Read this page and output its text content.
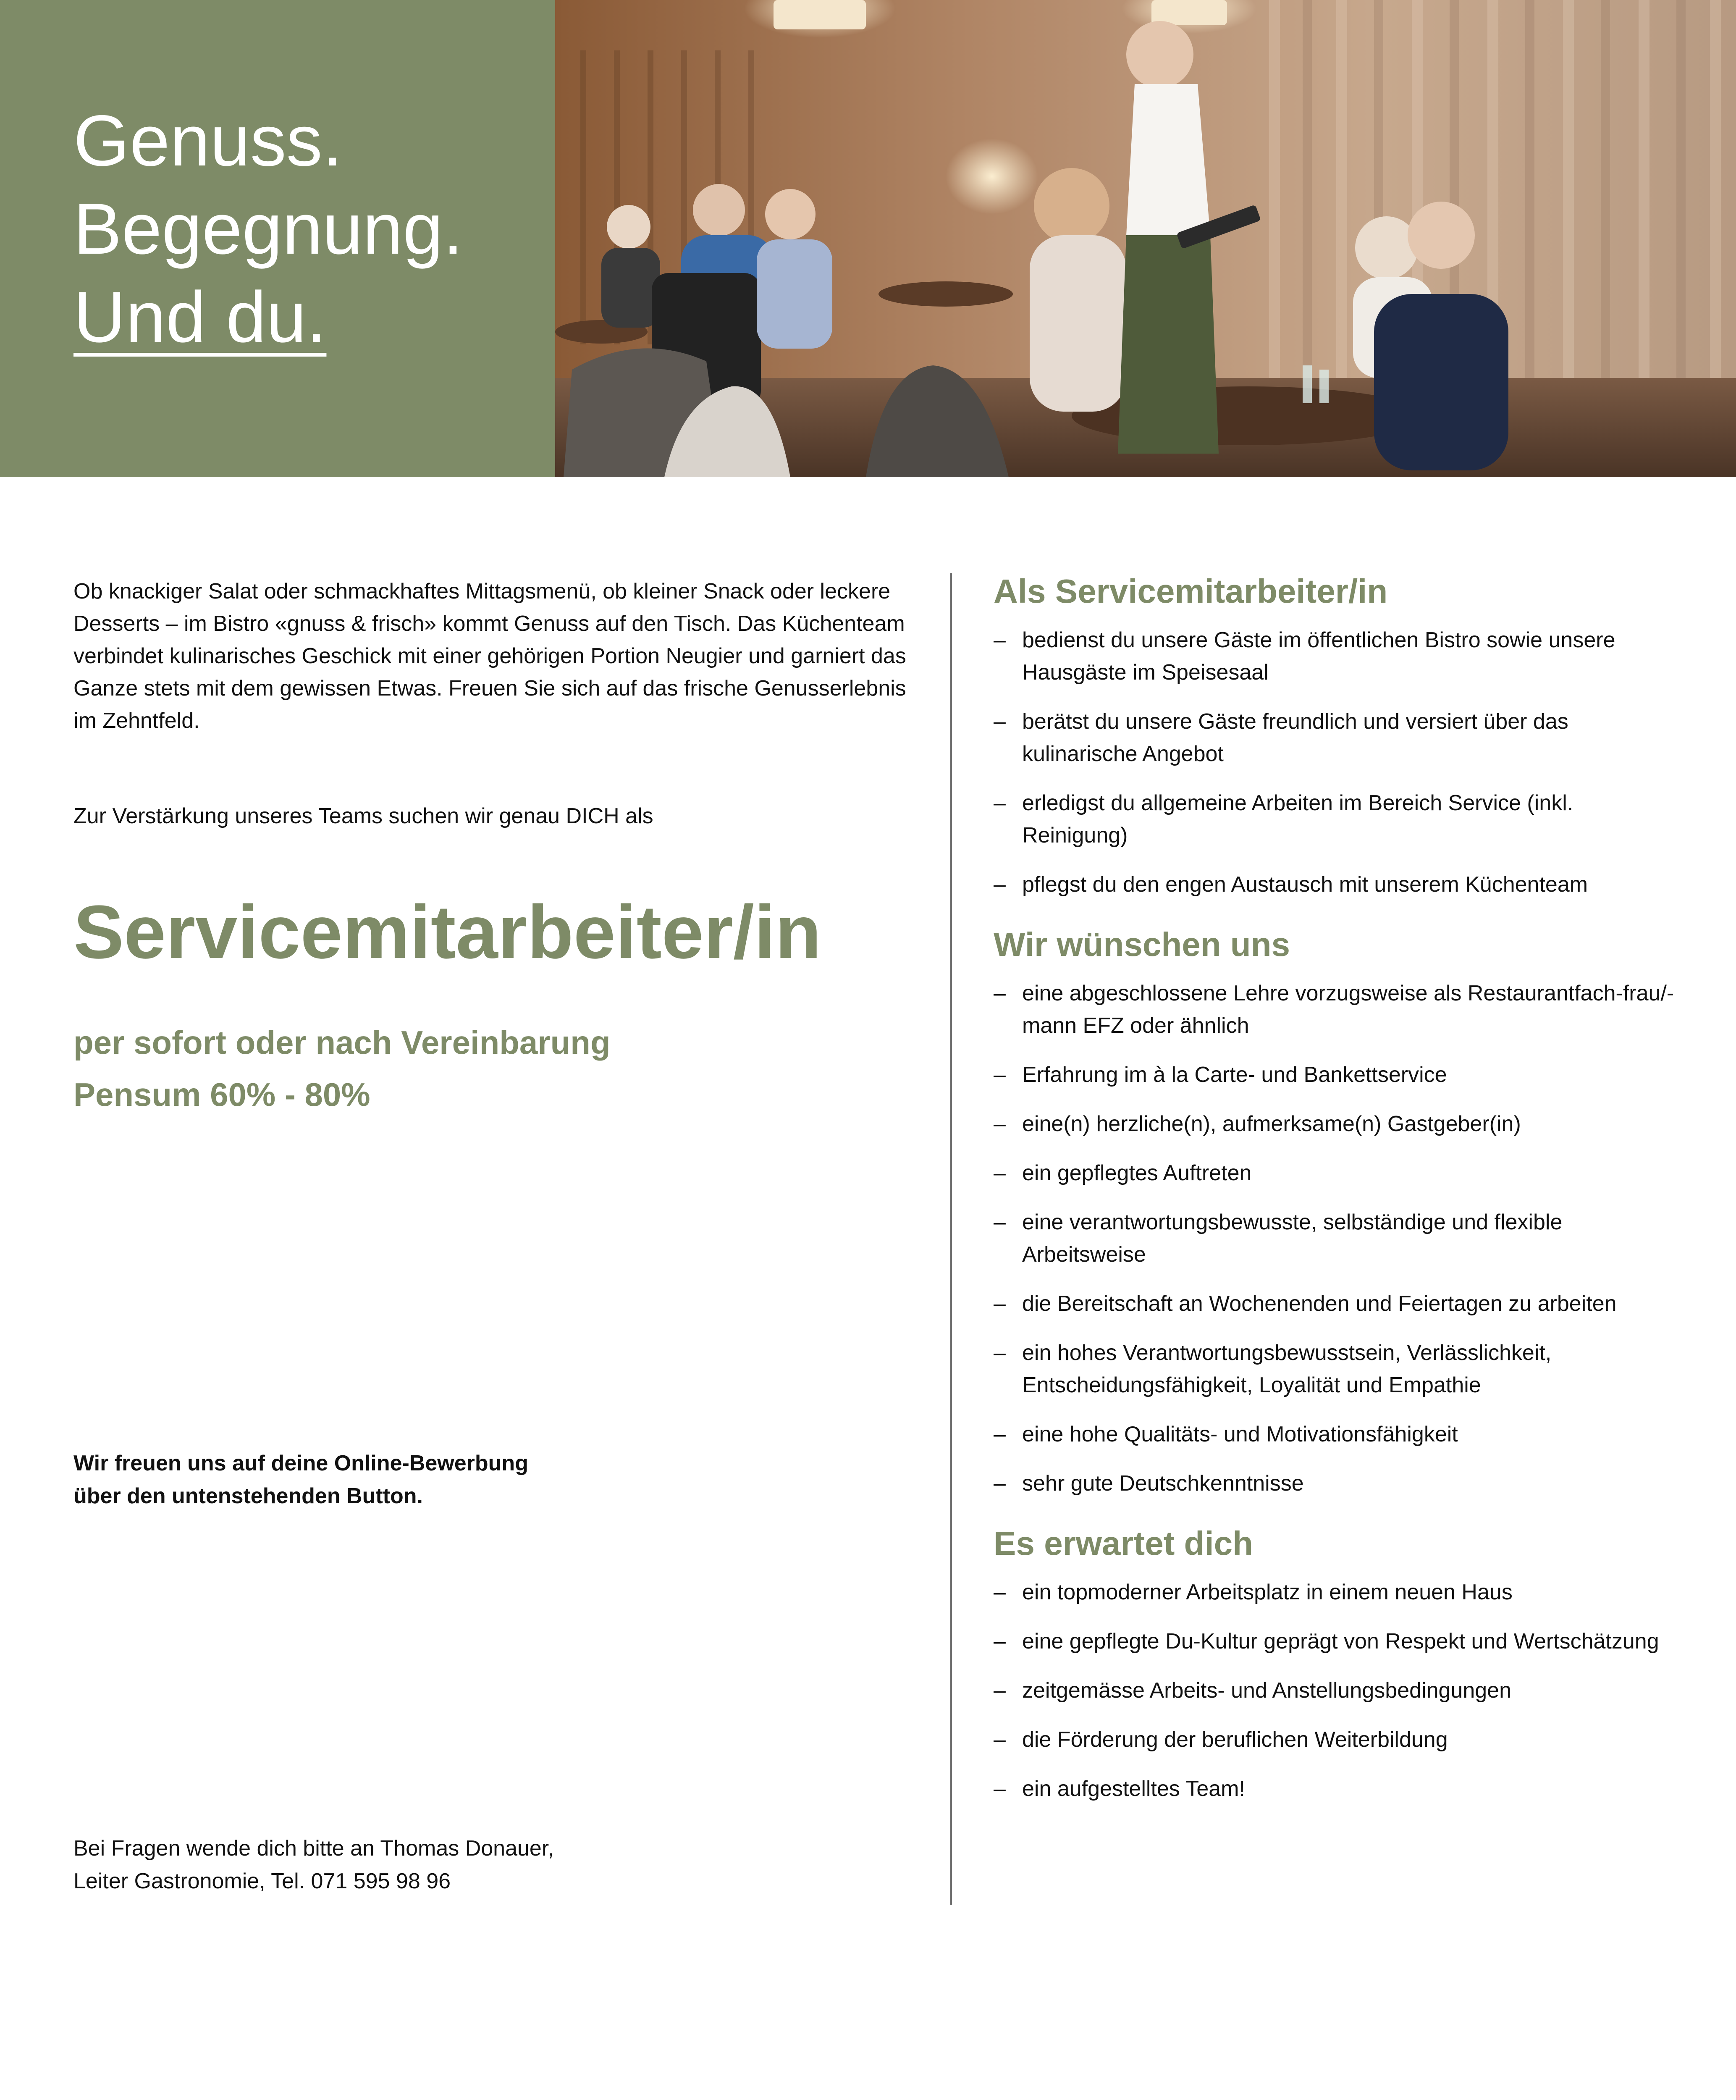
Genuss.
Begegnung.
Und du.

Ob knackiger Salat oder schmackhaftes Mittagsmenü, ob kleiner Snack oder leckere Desserts – im Bistro «gnuss & frisch» kommt Genuss auf den Tisch. Das Küchenteam verbindet kulinarisches Geschick mit einer gehörigen Portion Neugier und garniert das Ganze stets mit dem gewissen Etwas. Freuen Sie sich auf das frische Genusserlebnis im Zehntfeld.

Zur Verstärkung unseres Teams suchen wir genau DICH als

Servicemitarbeiter/in

per sofort oder nach Vereinbarung
Pensum 60% - 80%

Wir freuen uns auf deine Online-Bewerbung
über den untenstehenden Button.

Bei Fragen wende dich bitte an Thomas Donauer,
Leiter Gastronomie, Tel. 071 595 98 96

Als Servicemitarbeiter/in
– bedienst du unsere Gäste im öffentlichen Bistro sowie unsere Hausgäste im Speisesaal
– berätst du unsere Gäste freundlich und versiert über das kulinarische Angebot
– erledigst du allgemeine Arbeiten im Bereich Service (inkl. Reinigung)
– pflegst du den engen Austausch mit unserem Küchenteam
Wir wünschen uns
– eine abgeschlossene Lehre vorzugsweise als Restaurantfach-frau/-mann EFZ oder ähnlich
– Erfahrung im à la Carte- und Bankettservice
– eine(n) herzliche(n), aufmerksame(n) Gastgeber(in)
– ein gepflegtes Auftreten
– eine verantwortungsbewusste, selbständige und flexible Arbeitsweise
– die Bereitschaft an Wochenenden und Feiertagen zu arbeiten
– ein hohes Verantwortungsbewusstsein, Verlässlichkeit, Entscheidungsfähigkeit, Loyalität und Empathie
– eine hohe Qualitäts- und Motivationsfähigkeit
– sehr gute Deutschkenntnisse
Es erwartet dich
– ein topmoderner Arbeitsplatz in einem neuen Haus
– eine gepflegte Du-Kultur geprägt von Respekt und Wertschätzung
– zeitgemässe Arbeits- und Anstellungsbedingungen
– die Förderung der beruflichen Weiterbildung
– ein aufgestelltes Team!
